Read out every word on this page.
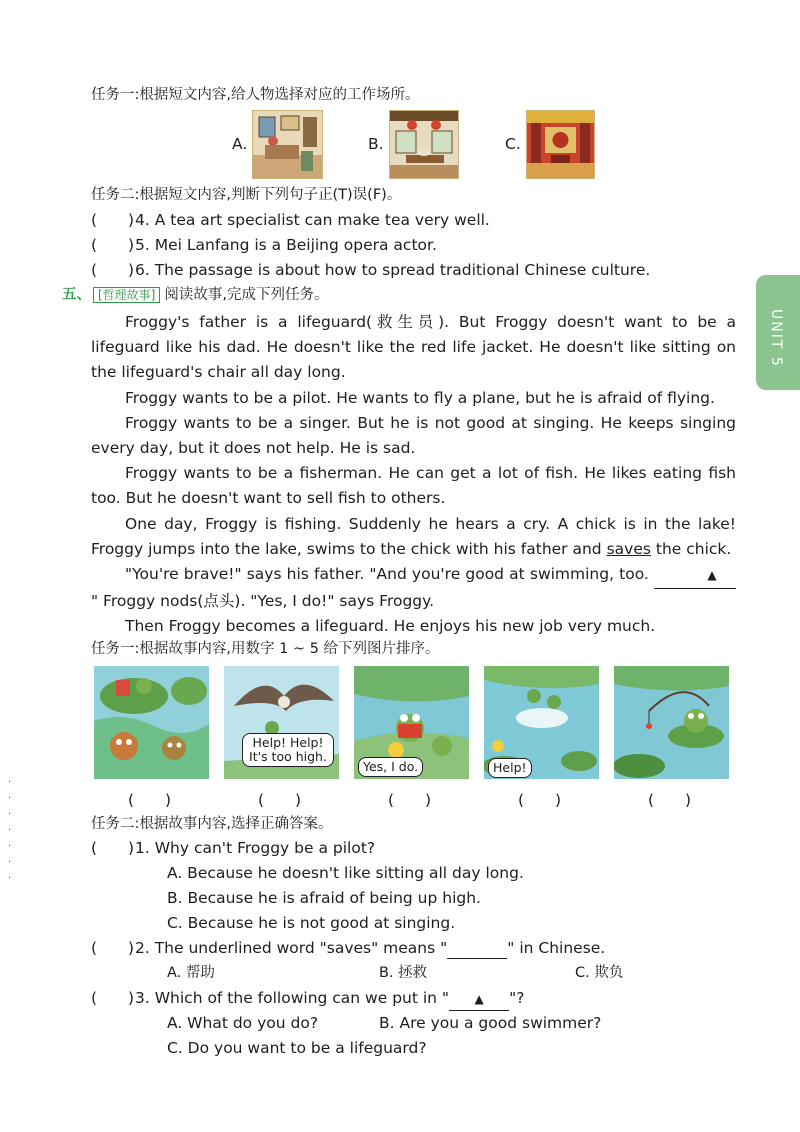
任务一:根据短文内容,给人物选择对应的工作场所。
A.	B.	C.
任务二:根据短文内容,判断下列句子正(T)误(F)。
(　　)4. A tea art specialist can make tea very well.
(　　)5. Mei Lanfang is a Beijing opera actor.
(　　)6. The passage is about how to spread traditional Chinese culture.
五、 [哲理故事] 阅读故事,完成下列任务。

Froggy's father is a lifeguard(救生员). But Froggy doesn't want to be a lifeguard like his dad. He doesn't like the red life jacket. He doesn't like sitting on the lifeguard's chair all day long.

Froggy wants to be a pilot. He wants to fly a plane, but he is afraid of flying.

Froggy wants to be a singer. But he is not good at singing. He keeps singing every day, but it does not help. He is sad.

Froggy wants to be a fisherman. He can get a lot of fish. He likes eating fish too. But he doesn't want to sell fish to others.

One day, Froggy is fishing. Suddenly he hears a cry. A chick is in the lake! Froggy jumps into the lake, swims to the chick with his father and saves the chick.

"You're brave!" says his father. "And you're good at swimming, too.	▲" Froggy nods(点头). "Yes, I do!" says Froggy.

Then Froggy becomes a lifeguard. He enjoys his new job very much.

任务一:根据故事内容,用数字 1 ~ 5 给下列图片排序。
Help! Help! It's too high.
Yes, I do.	Help!
(　　)	(　　)	(　　)	(　　)	(　　)
任务二:根据故事内容,选择正确答案。
(　　)1. Why can't Froggy be a pilot?
A. Because he doesn't like sitting all day long.
B. Because he is afraid of being up high.
C. Because he is not good at singing.
(　　)2. The underlined word "saves" means "	" in Chinese.
A. 帮助	B. 拯救	C. 欺负
(　　)3. Which of the following can we put in " ▲ "?
A. What do you do?	B. Are you a good swimmer?
C. Do you want to be a lifeguard?
UNIT 5
·
·
·
·
·
·
·
